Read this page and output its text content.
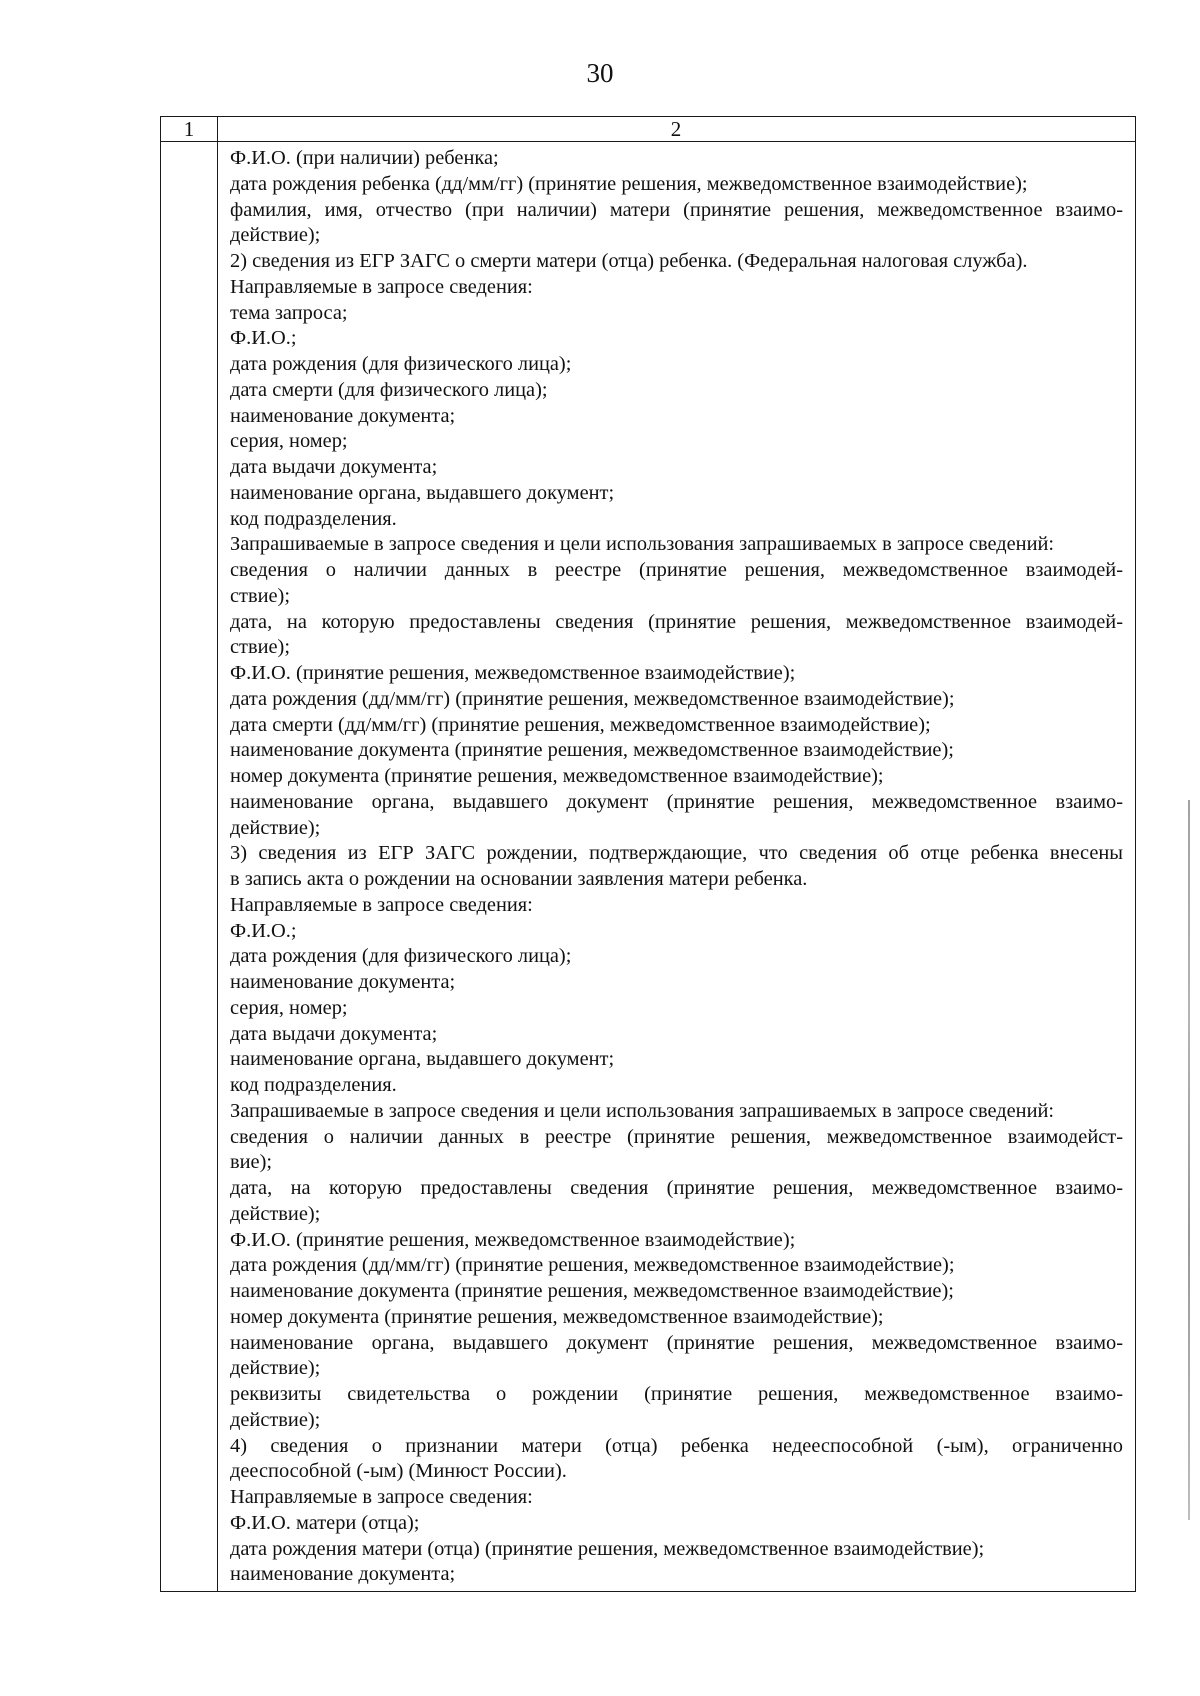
30
1	2
Ф.И.О. (при наличии) ребенка;
дата рождения ребенка (дд/мм/гг) (принятие решения, межведомственное взаимодействие);
фамилия, имя, отчество (при наличии) матери (принятие решения, межведомственное взаимо-
действие);
2) сведения из ЕГР ЗАГС о смерти матери (отца) ребенка. (Федеральная налоговая служба).
Направляемые в запросе сведения:
тема запроса;
Ф.И.О.;
дата рождения (для физического лица);
дата смерти (для физического лица);
наименование документа;
серия, номер;
дата выдачи документа;
наименование органа, выдавшего документ;
код подразделения.
Запрашиваемые в запросе сведения и цели использования запрашиваемых в запросе сведений:
сведения о наличии данных в реестре (принятие решения, межведомственное взаимодей-
ствие);
дата, на которую предоставлены сведения (принятие решения, межведомственное взаимодей-
ствие);
Ф.И.О. (принятие решения, межведомственное взаимодействие);
дата рождения (дд/мм/гг) (принятие решения, межведомственное взаимодействие);
дата смерти (дд/мм/гг) (принятие решения, межведомственное взаимодействие);
наименование документа (принятие решения, межведомственное взаимодействие);
номер документа (принятие решения, межведомственное взаимодействие);
наименование органа, выдавшего документ (принятие решения, межведомственное взаимо-
действие);
3) сведения из ЕГР ЗАГС рождении, подтверждающие, что сведения об отце ребенка внесены
в запись акта о рождении на основании заявления матери ребенка.
Направляемые в запросе сведения:
Ф.И.О.;
дата рождения (для физического лица);
наименование документа;
серия, номер;
дата выдачи документа;
наименование органа, выдавшего документ;
код подразделения.
Запрашиваемые в запросе сведения и цели использования запрашиваемых в запросе сведений:
сведения о наличии данных в реестре (принятие решения, межведомственное взаимодейст-
вие);
дата, на которую предоставлены сведения (принятие решения, межведомственное взаимо-
действие);
Ф.И.О. (принятие решения, межведомственное взаимодействие);
дата рождения (дд/мм/гг) (принятие решения, межведомственное взаимодействие);
наименование документа (принятие решения, межведомственное взаимодействие);
номер документа (принятие решения, межведомственное взаимодействие);
наименование органа, выдавшего документ (принятие решения, межведомственное взаимо-
действие);
реквизиты свидетельства о рождении (принятие решения, межведомственное взаимо-
действие);
4) сведения о признании матери (отца) ребенка недееспособной (-ым), ограниченно
дееспособной (-ым) (Минюст России).
Направляемые в запросе сведения:
Ф.И.О. матери (отца);
дата рождения матери (отца) (принятие решения, межведомственное взаимодействие);
наименование документа;
